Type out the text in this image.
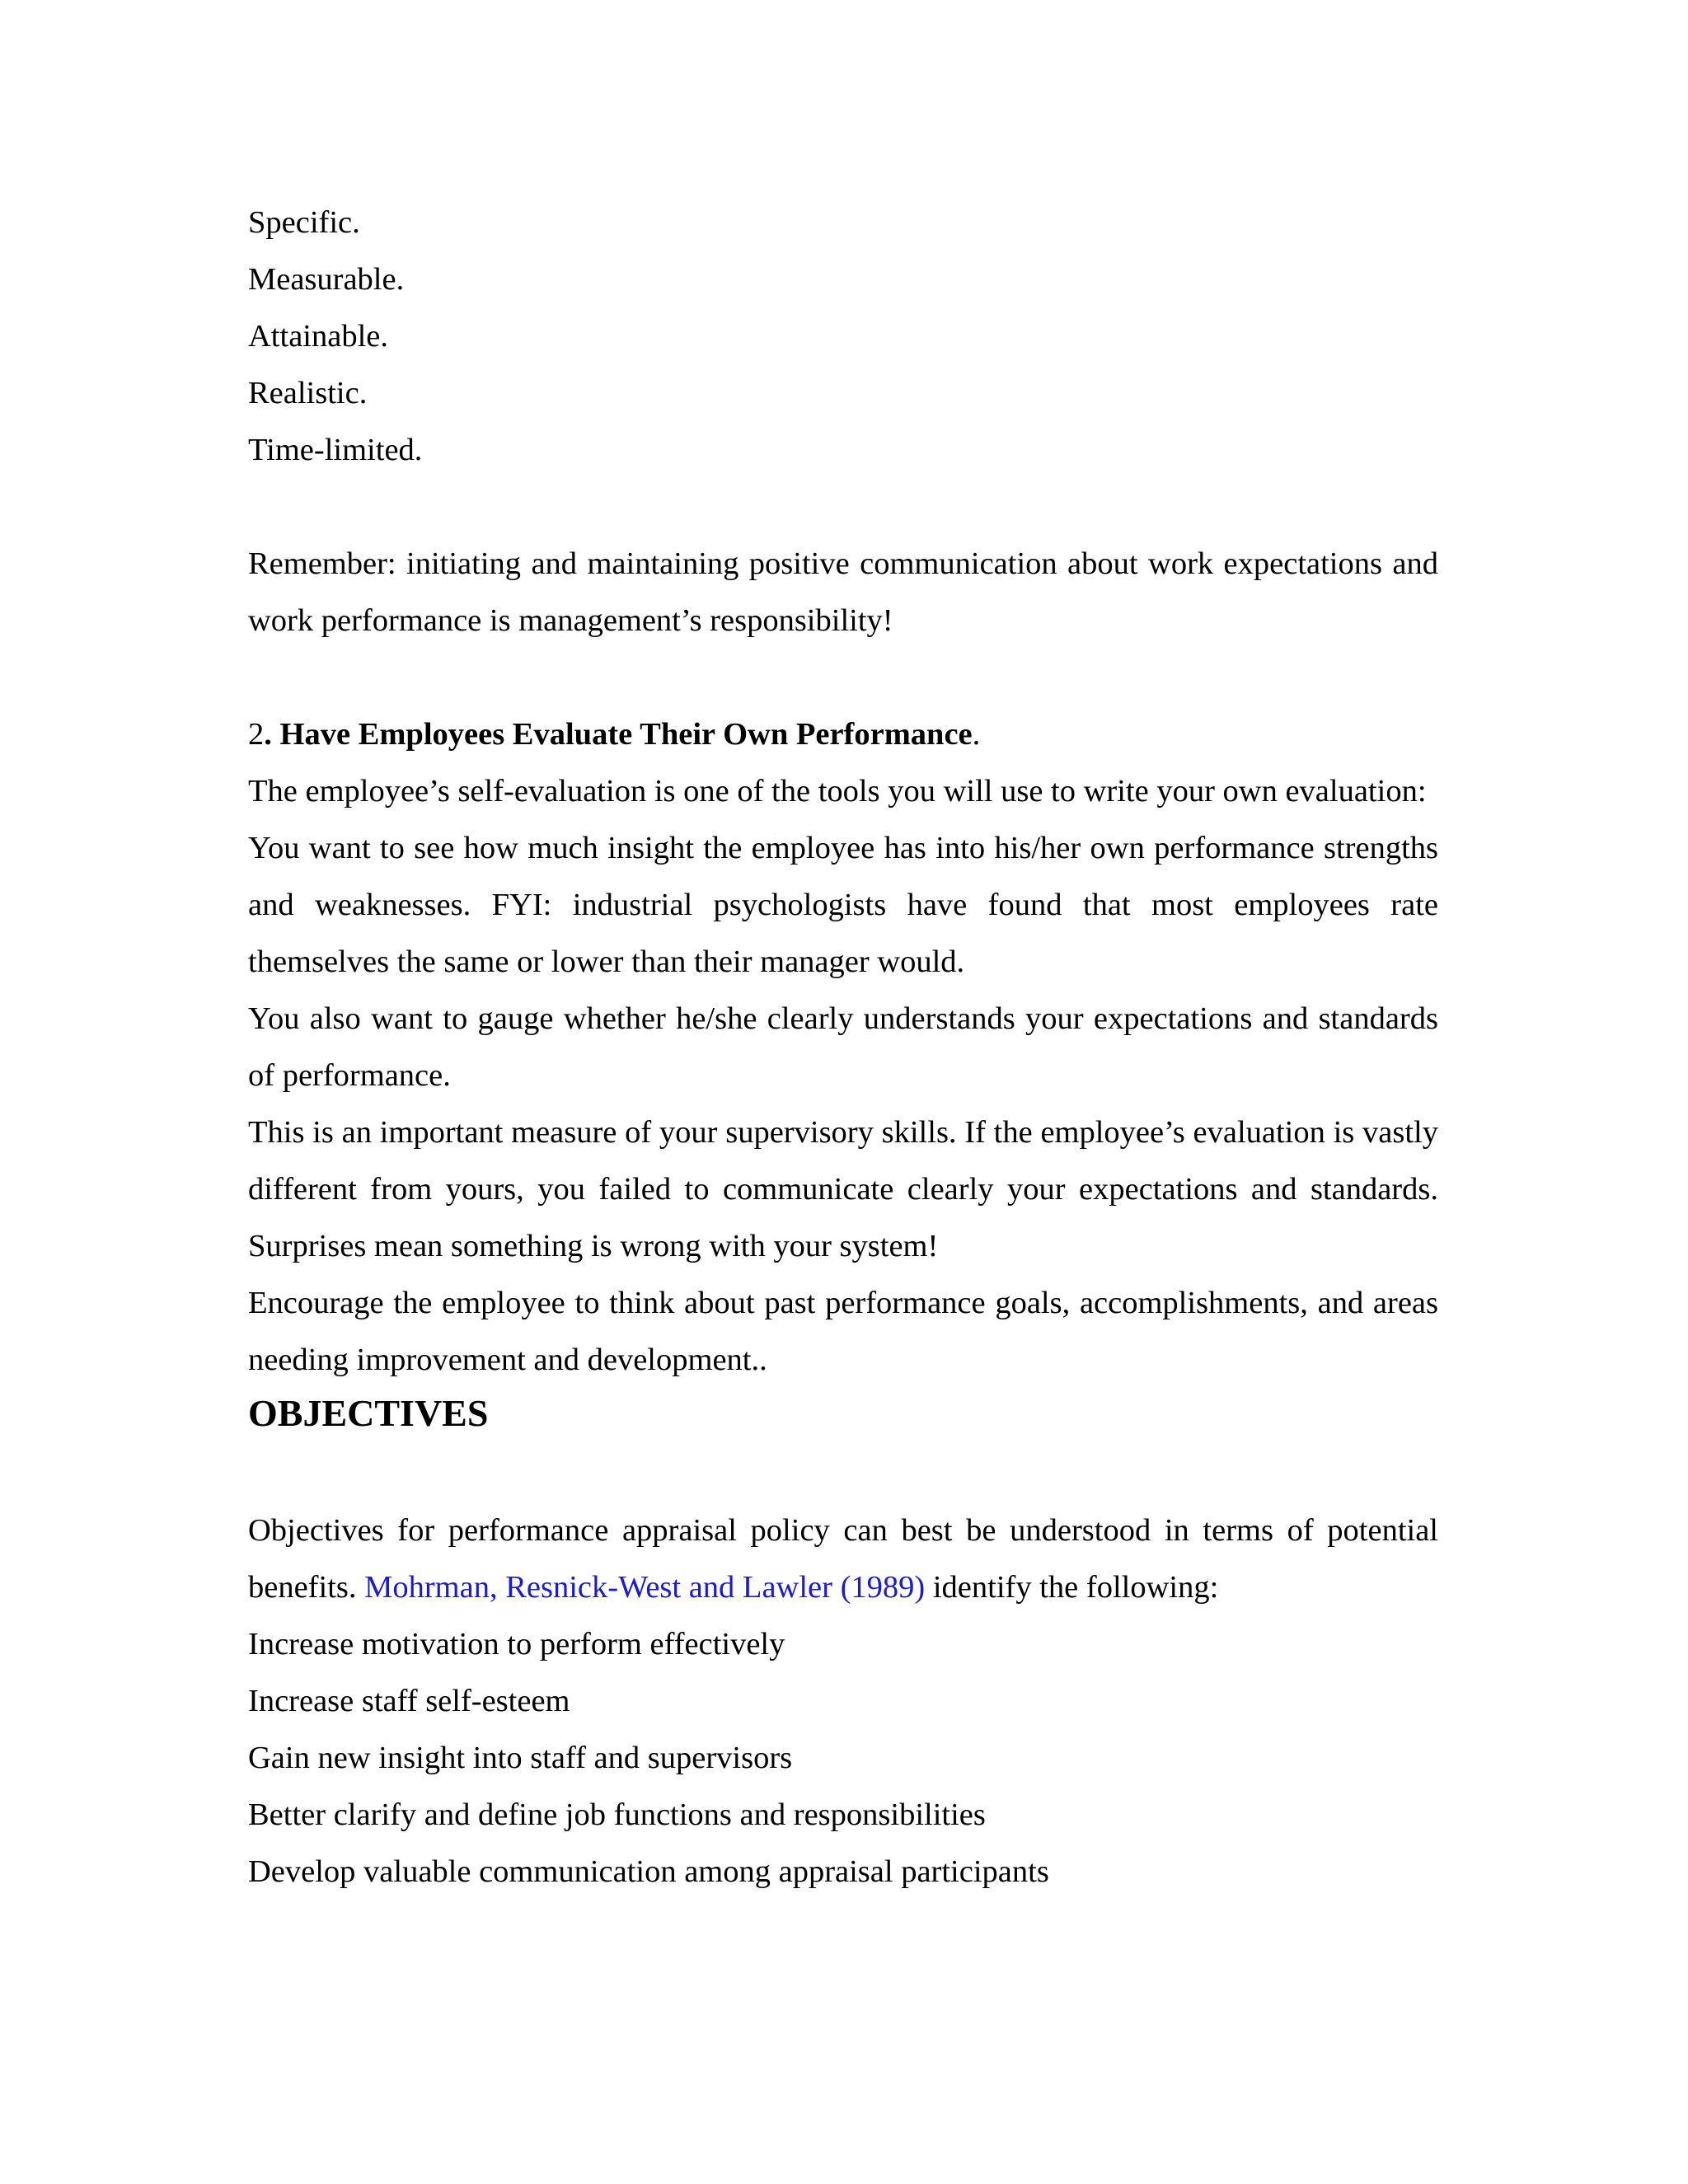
Specific.

Measurable.

Attainable.

Realistic.

Time-limited.

Remember: initiating and maintaining positive communication about work expectations and work performance is management’s responsibility!

2. Have Employees Evaluate Their Own Performance.

The employee’s self-evaluation is one of the tools you will use to write your own evaluation:

You want to see how much insight the employee has into his/her own performance strengths and weaknesses. FYI: industrial psychologists have found that most employees rate themselves the same or lower than their manager would.

You also want to gauge whether he/she clearly understands your expectations and standards of performance.

This is an important measure of your supervisory skills. If the employee’s evaluation is vastly different from yours, you failed to communicate clearly your expectations and standards. Surprises mean something is wrong with your system!

Encourage the employee to think about past performance goals, accomplishments, and areas needing improvement and development..

OBJECTIVES

Objectives for performance appraisal policy can best be understood in terms of potential benefits. Mohrman, Resnick-West and Lawler (1989) identify the following:

Increase motivation to perform effectively

Increase staff self-esteem

Gain new insight into staff and supervisors

Better clarify and define job functions and responsibilities

Develop valuable communication among appraisal participants
